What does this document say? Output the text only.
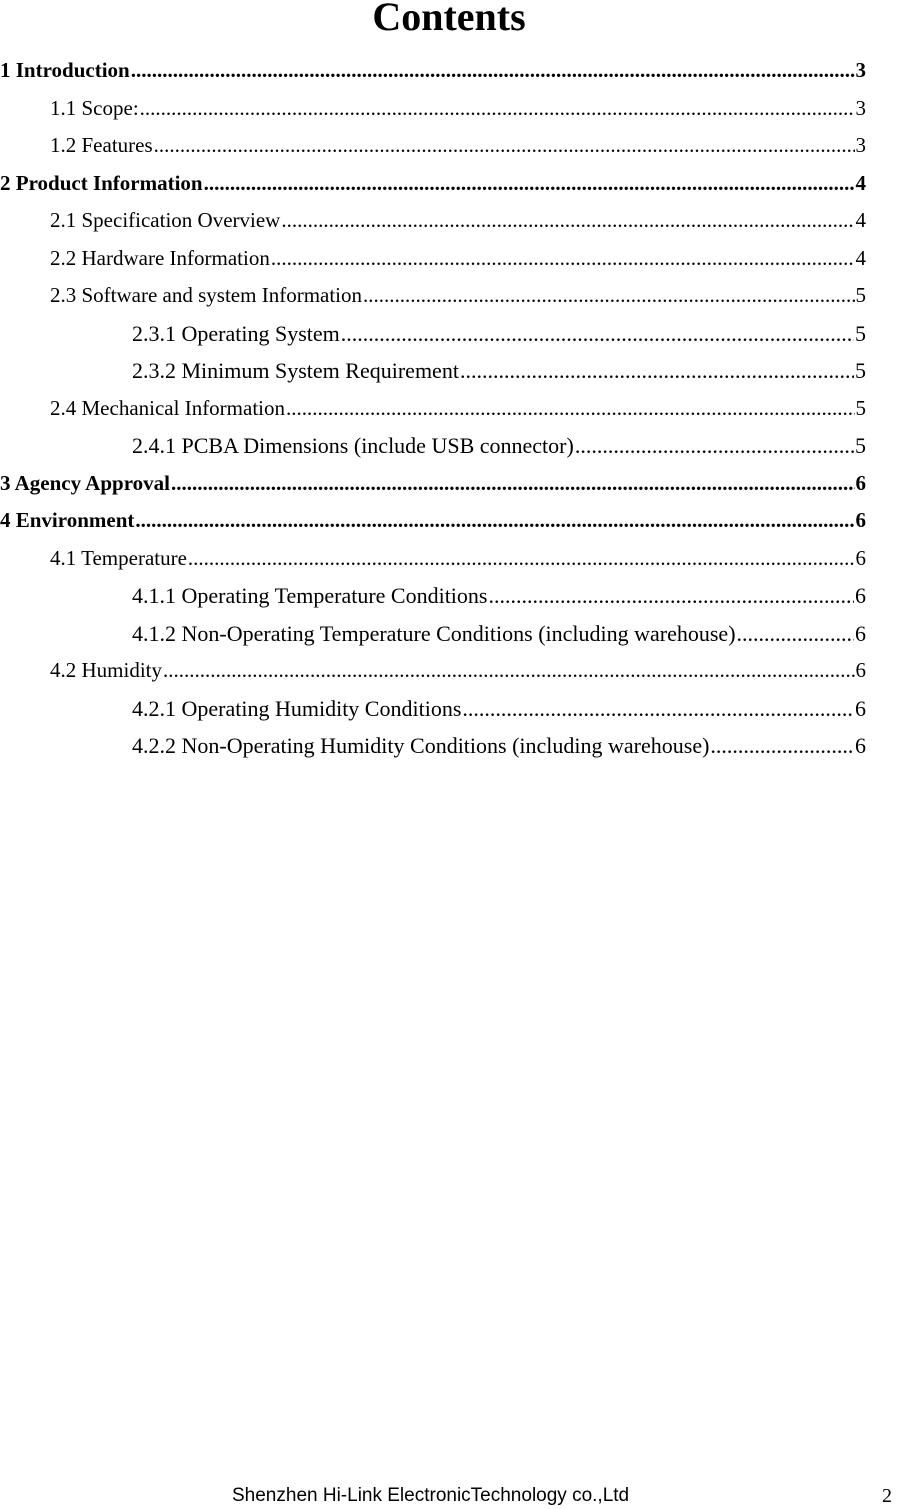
Contents
1 Introduction .....	3
1.1 Scope: .....	3
1.2 Features .....	3
2 Product Information .....	4
2.1 Specification Overview .....	4
2.2 Hardware Information .....	4
2.3 Software and system Information .....	5
2.3.1 Operating System .....	5
2.3.2 Minimum System Requirement .....	5
2.4 Mechanical Information .....	5
2.4.1 PCBA Dimensions (include USB connector) .....	5
3 Agency Approval .....	6
4 Environment .....	6
4.1 Temperature .....	6
4.1.1 Operating Temperature Conditions .....	6
4.1.2 Non-Operating Temperature Conditions (including warehouse) .....	6
4.2 Humidity .....	6
4.2.1 Operating Humidity Conditions .....	6
4.2.2 Non-Operating Humidity Conditions (including warehouse) .....	6
Shenzhen Hi-Link ElectronicTechnology co.,Ltd	2
